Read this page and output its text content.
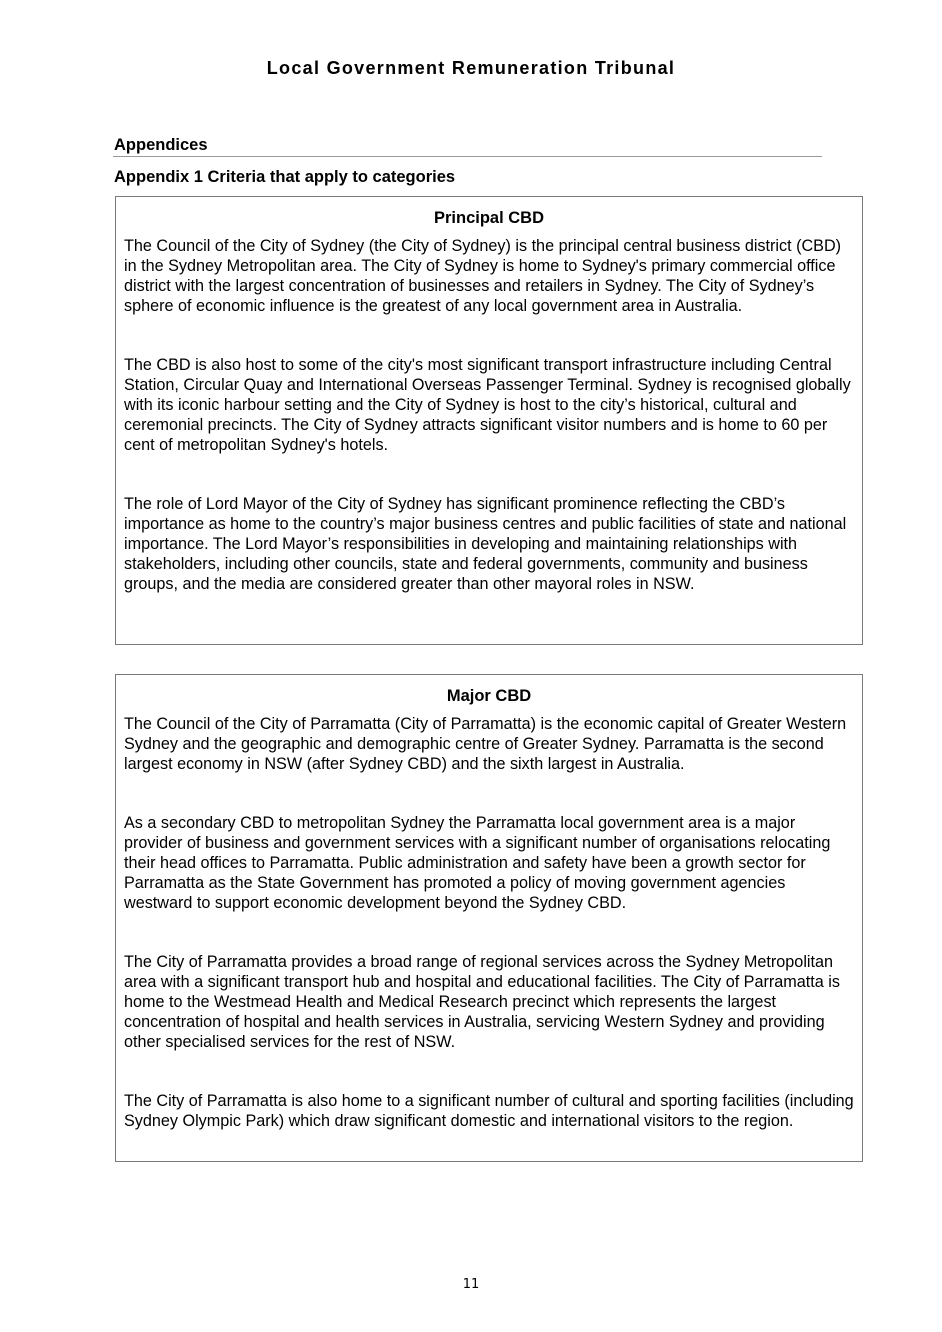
Local Government Remuneration Tribunal
Appendices
Appendix 1 Criteria that apply to categories
Principal CBD

The Council of the City of Sydney (the City of Sydney) is the principal central business district (CBD) in the Sydney Metropolitan area. The City of Sydney is home to Sydney's primary commercial office district with the largest concentration of businesses and retailers in Sydney. The City of Sydney’s sphere of economic influence is the greatest of any local government area in Australia.

The CBD is also host to some of the city's most significant transport infrastructure including Central Station, Circular Quay and International Overseas Passenger Terminal. Sydney is recognised globally with its iconic harbour setting and the City of Sydney is host to the city’s historical, cultural and ceremonial precincts. The City of Sydney attracts significant visitor numbers and is home to 60 per cent of metropolitan Sydney's hotels.

The role of Lord Mayor of the City of Sydney has significant prominence reflecting the CBD’s importance as home to the country’s major business centres and public facilities of state and national importance. The Lord Mayor’s responsibilities in developing and maintaining relationships with stakeholders, including other councils, state and federal governments, community and business groups, and the media are considered greater than other mayoral roles in NSW.

Major CBD

The Council of the City of Parramatta (City of Parramatta) is the economic capital of Greater Western Sydney and the geographic and demographic centre of Greater Sydney. Parramatta is the second largest economy in NSW (after Sydney CBD) and the sixth largest in Australia.

As a secondary CBD to metropolitan Sydney the Parramatta local government area is a major provider of business and government services with a significant number of organisations relocating their head offices to Parramatta. Public administration and safety have been a growth sector for Parramatta as the State Government has promoted a policy of moving government agencies westward to support economic development beyond the Sydney CBD.

The City of Parramatta provides a broad range of regional services across the Sydney Metropolitan area with a significant transport hub and hospital and educational facilities. The City of Parramatta is home to the Westmead Health and Medical Research precinct which represents the largest concentration of hospital and health services in Australia, servicing Western Sydney and providing other specialised services for the rest of NSW.

The City of Parramatta is also home to a significant number of cultural and sporting facilities (including Sydney Olympic Park) which draw significant domestic and international visitors to the region.

11
